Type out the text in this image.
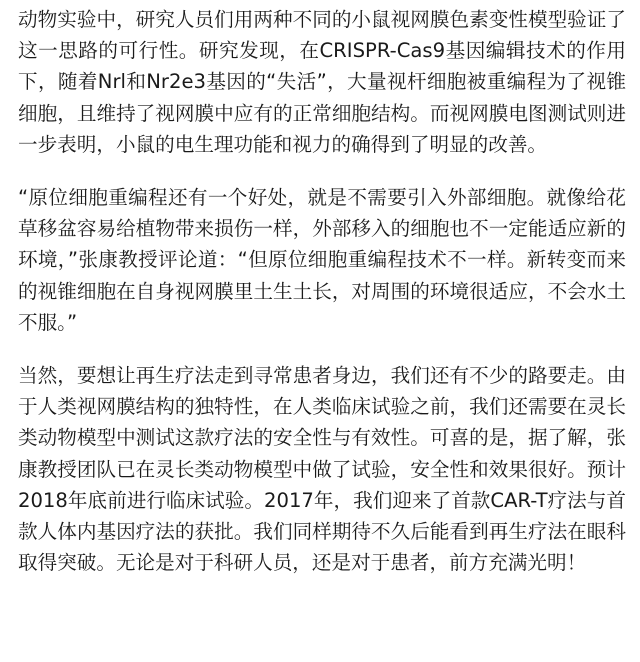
动物实验中，研究人员们用两种不同的小鼠视网膜色素变性模型验证了这一思路的可行性。研究发现，在CRISPR-Cas9基因编辑技术的作用下，随着Nrl和Nr2e3基因的“失活”，大量视杆细胞被重编程为了视锥细胞，且维持了视网膜中应有的正常细胞结构。而视网膜电图测试则进一步表明，小鼠的电生理功能和视力的确得到了明显的改善。

“原位细胞重编程还有一个好处，就是不需要引入外部细胞。就像给花草移盆容易给植物带来损伤一样，外部移入的细胞也不一定能适应新的环境，”张康教授评论道：“但原位细胞重编程技术不一样。新转变而来的视锥细胞在自身视网膜里土生土长，对周围的环境很适应，不会水土不服。”

当然，要想让再生疗法走到寻常患者身边，我们还有不少的路要走。由于人类视网膜结构的独特性，在人类临床试验之前，我们还需要在灵长类动物模型中测试这款疗法的安全性与有效性。可喜的是，据了解，张康教授团队已在灵长类动物模型中做了试验，安全性和效果很好。预计2018年底前进行临床试验。2017年，我们迎来了首款CAR-T疗法与首款人体内基因疗法的获批。我们同样期待不久后能看到再生疗法在眼科取得突破。无论是对于科研人员，还是对于患者，前方充满光明！
